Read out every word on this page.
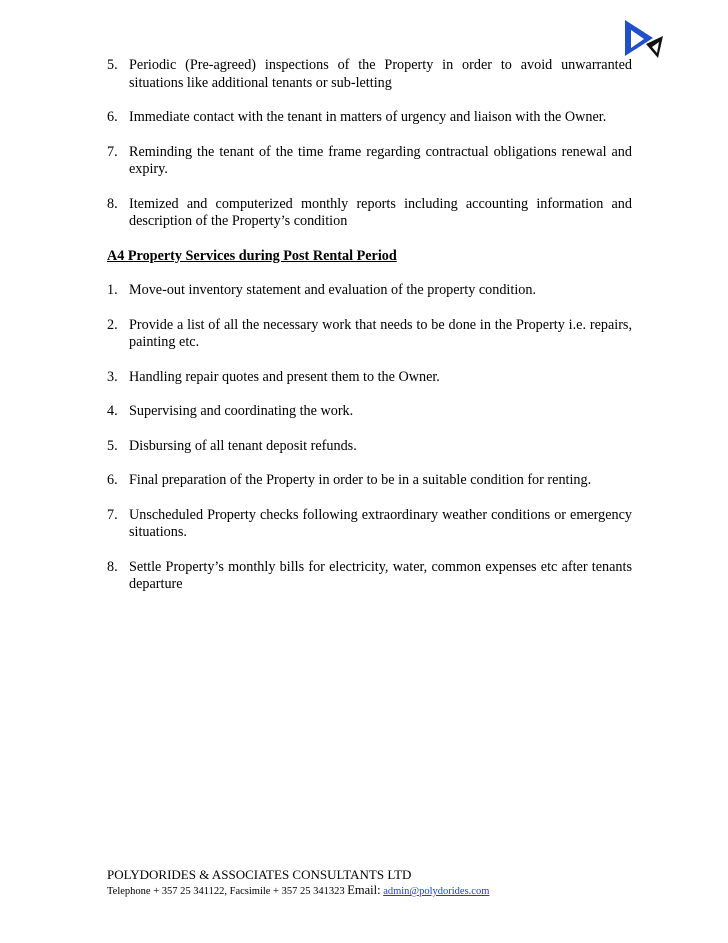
5. Periodic (Pre-agreed) inspections of the Property in order to avoid unwarranted situations like additional tenants or sub-letting
6. Immediate contact with the tenant in matters of urgency and liaison with the Owner.
7. Reminding the tenant of the time frame regarding contractual obligations renewal and expiry.
8. Itemized and computerized monthly reports including accounting information and description of the Property’s condition
A4 Property Services during Post Rental Period
1. Move-out inventory statement and evaluation of the property condition.
2. Provide a list of all the necessary work that needs to be done in the Property i.e. repairs, painting etc.
3. Handling repair quotes and present them to the Owner.
4. Supervising and coordinating the work.
5. Disbursing of all tenant deposit refunds.
6. Final preparation of the Property in order to be in a suitable condition for renting.
7. Unscheduled Property checks following extraordinary weather conditions or emergency situations.
8. Settle Property’s monthly bills for electricity, water, common expenses etc after tenants departure
POLYDORIDES & ASSOCIATES CONSULTANTS LTD
Telephone + 357 25 341122, Facsimile + 357 25 341323 Email: admin@polydorides.com
